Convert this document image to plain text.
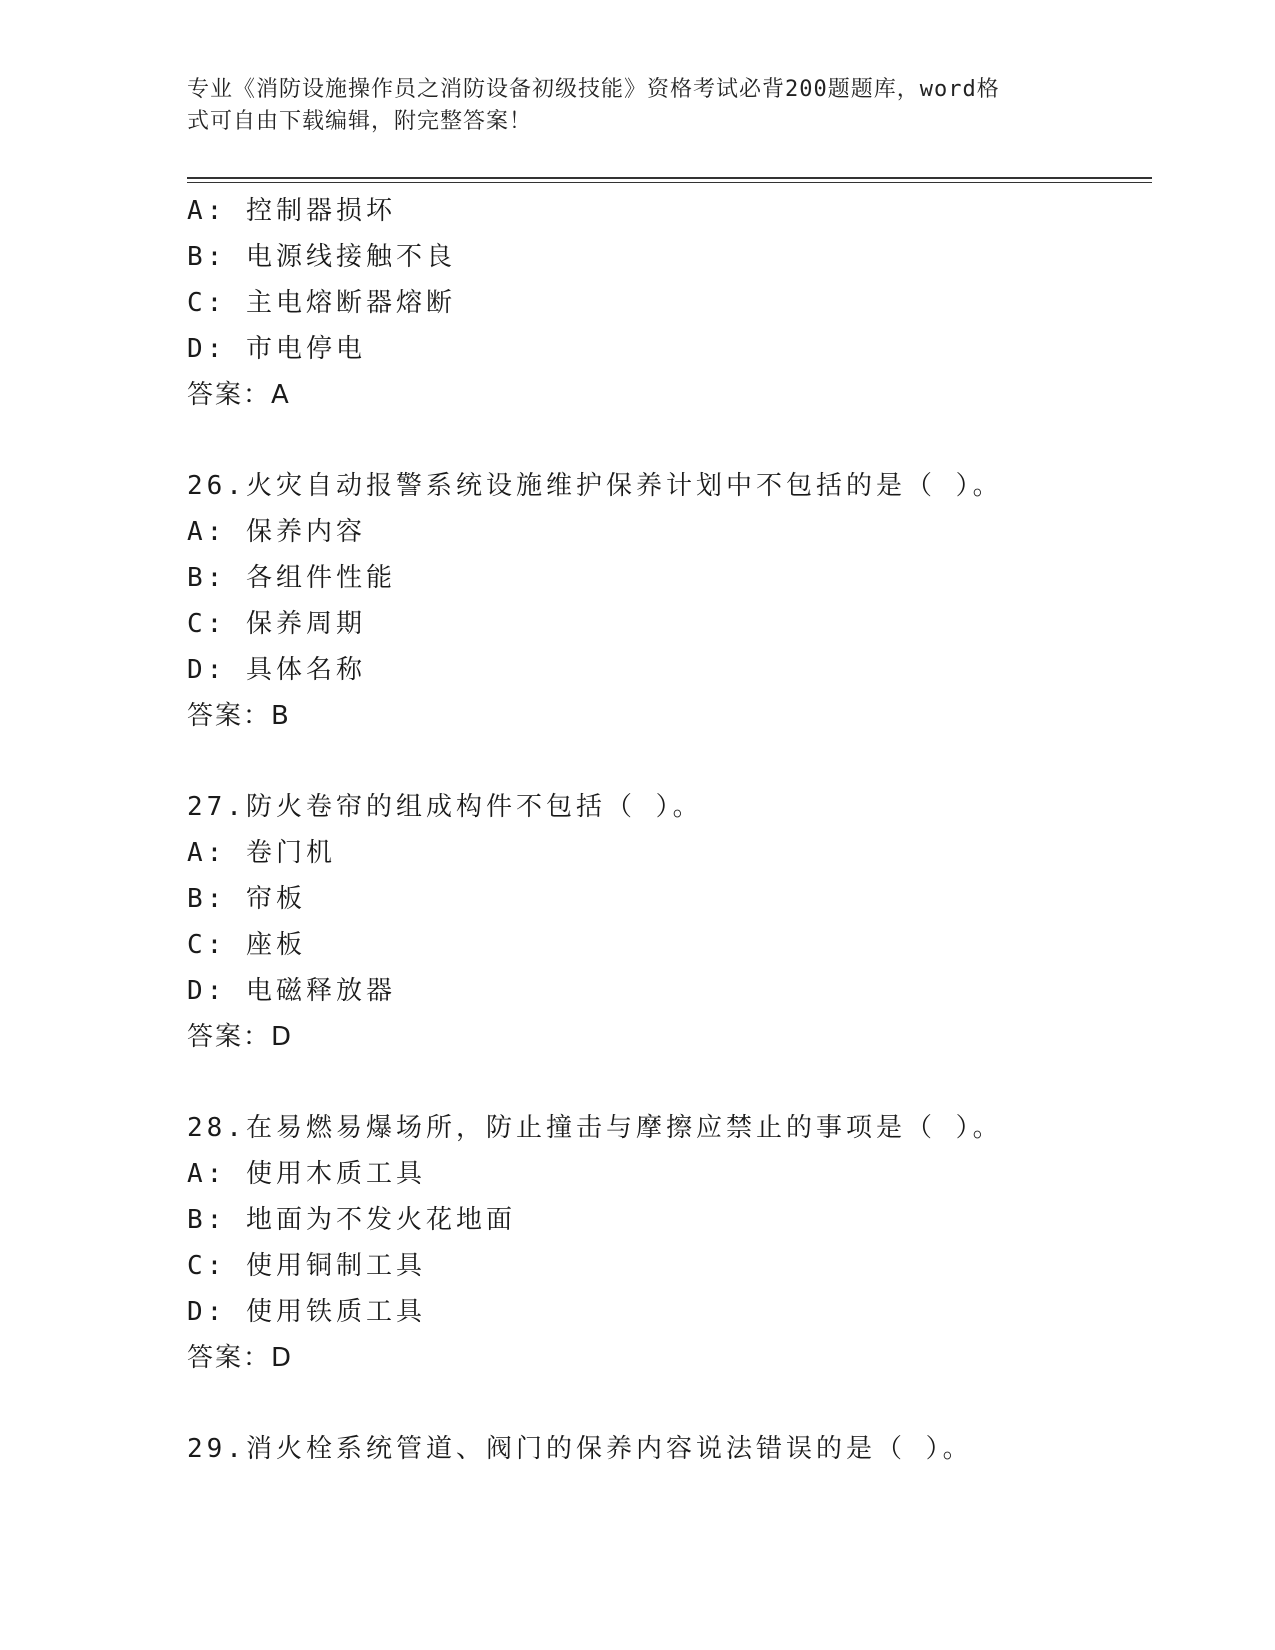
专业《消防设施操作员之消防设备初级技能》资格考试必背200题题库，word格
式可自由下载编辑，附完整答案！
A: 控制器损坏
B: 电源线接触不良
C: 主电熔断器熔断
D: 市电停电
答案：A
26.火灾自动报警系统设施维护保养计划中不包括的是（ ）。
A: 保养内容
B: 各组件性能
C: 保养周期
D: 具体名称
答案：B
27.防火卷帘的组成构件不包括（ ）。
A: 卷门机
B: 帘板
C: 座板
D: 电磁释放器
答案：D
28.在易燃易爆场所，防止撞击与摩擦应禁止的事项是（ ）。
A: 使用木质工具
B: 地面为不发火花地面
C: 使用铜制工具
D: 使用铁质工具
答案：D
29.消火栓系统管道、阀门的保养内容说法错误的是（ ）。
